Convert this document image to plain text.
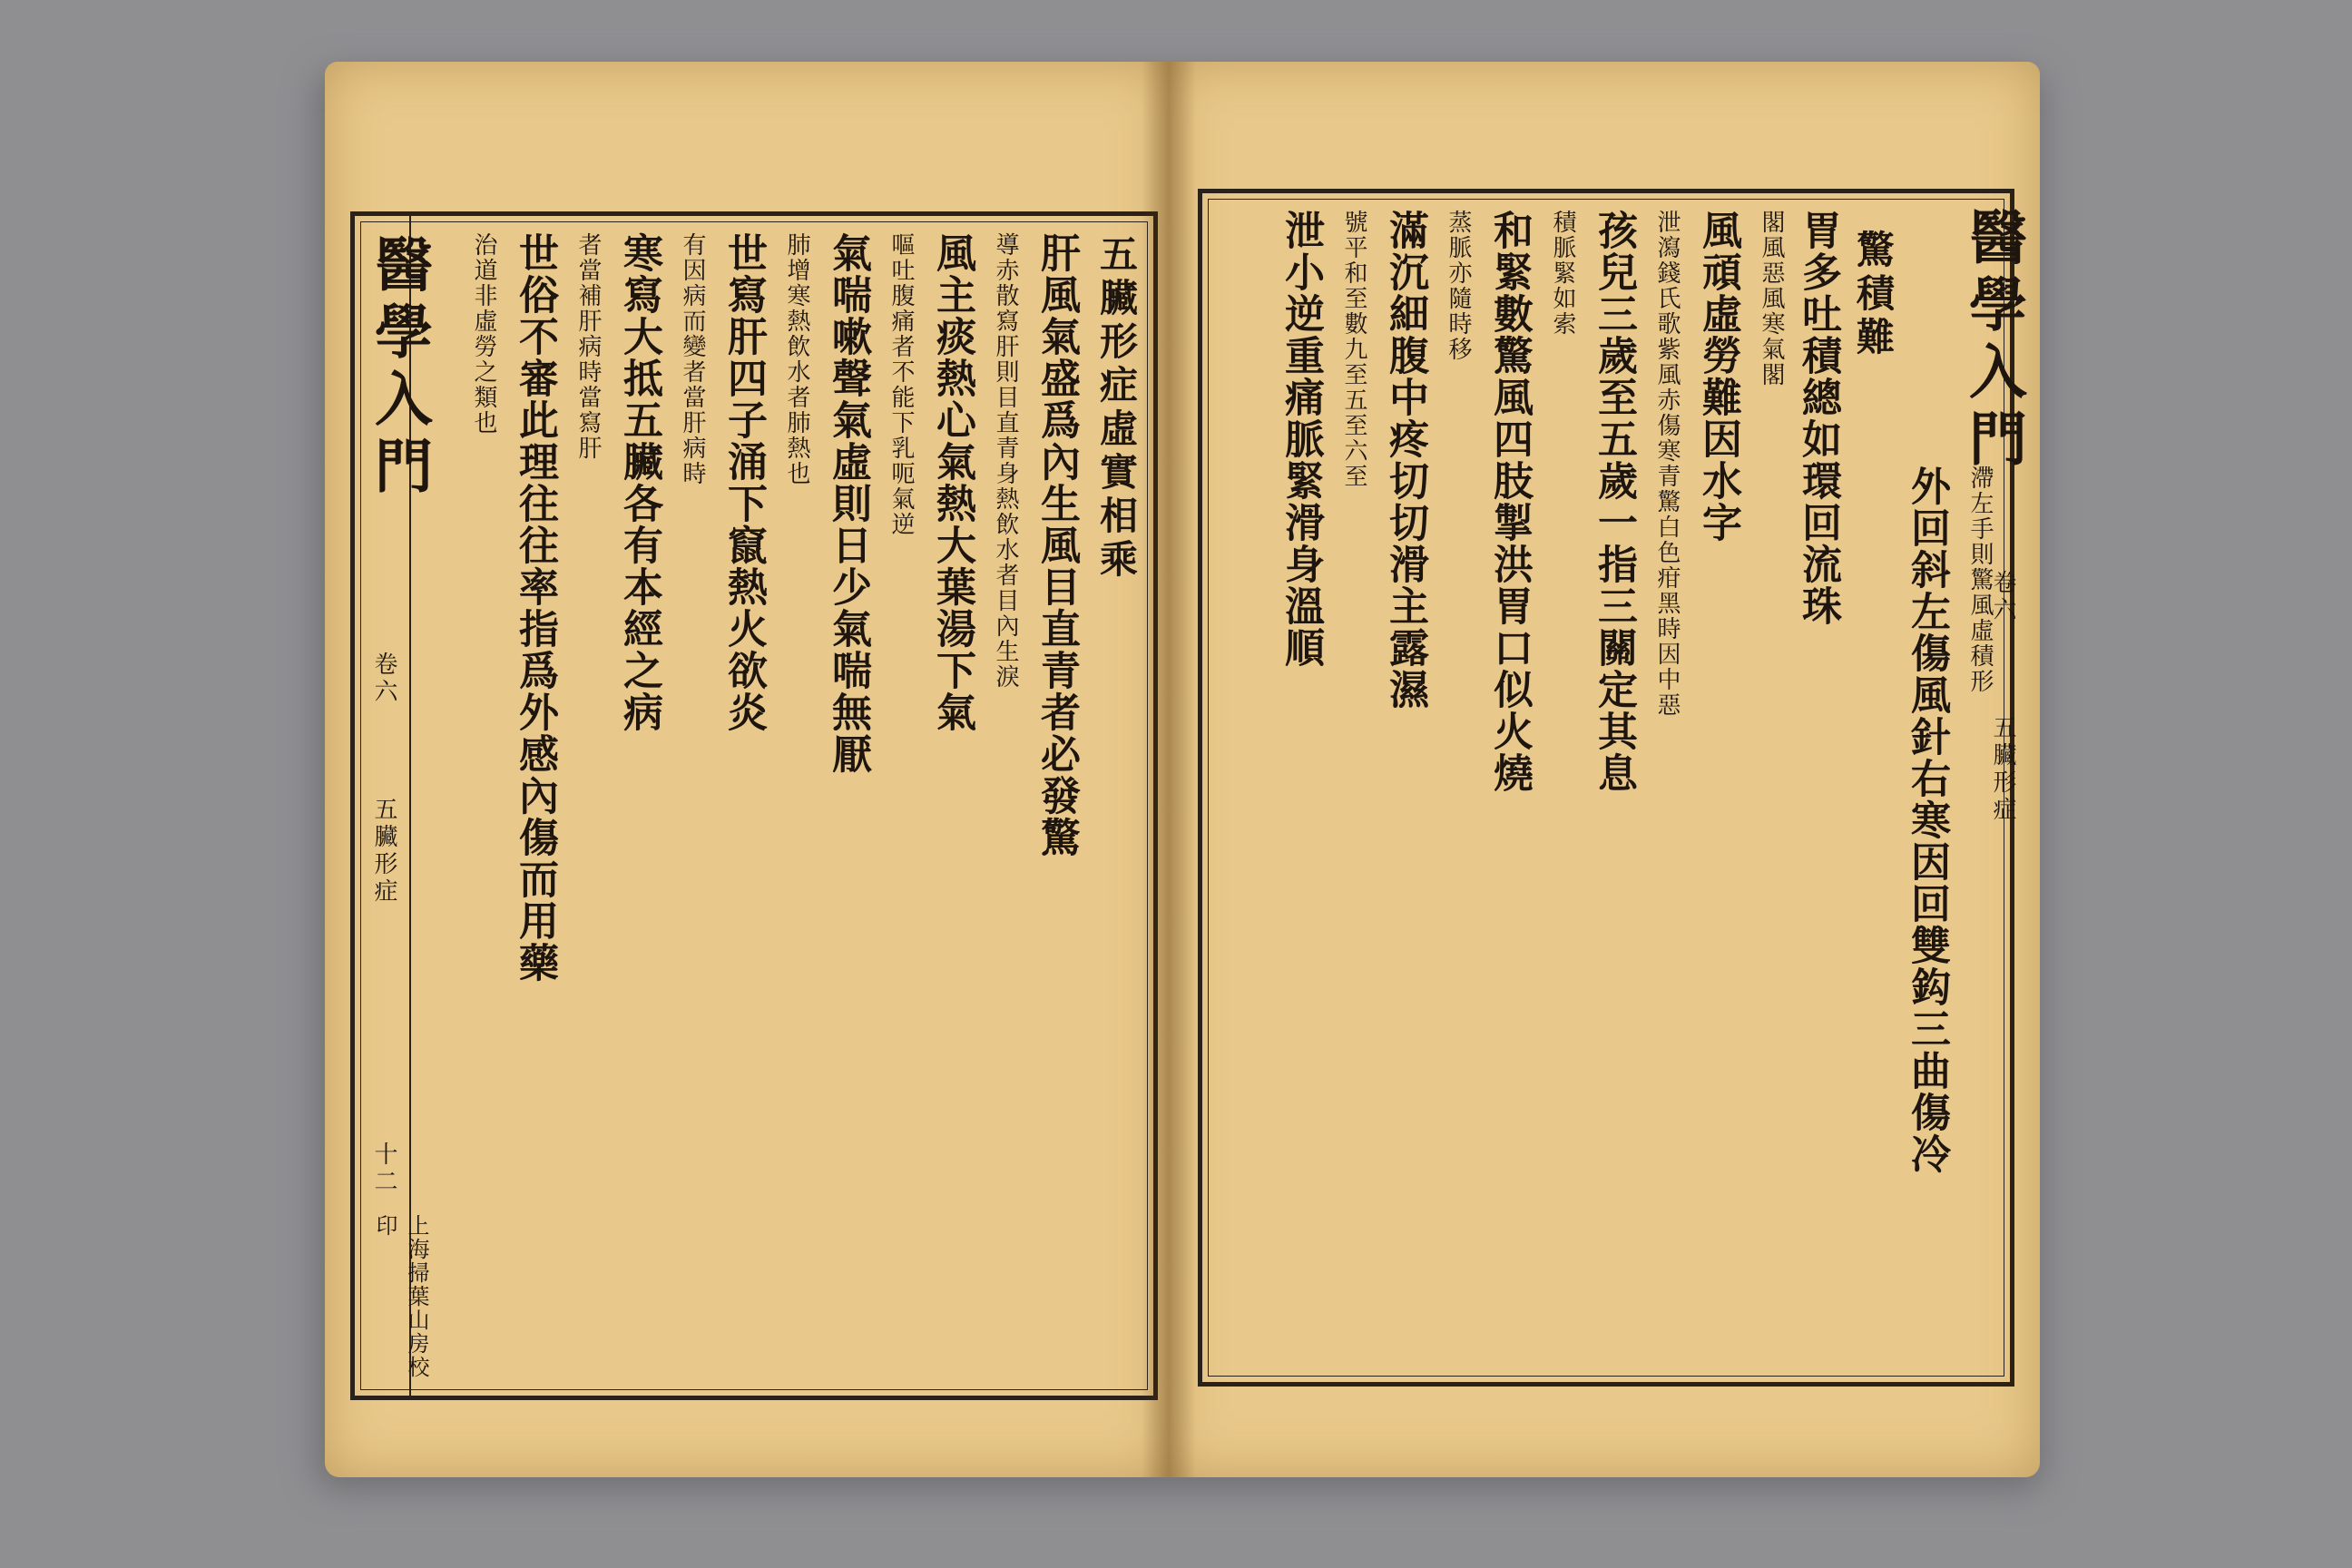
五臟形症虛實相乘
肝風氣盛爲內生風目直青者必發驚
導赤散寫肝則目直青身熱飲水者目內生淚
風主痰熱心氣熱大葉湯下氣
嘔吐腹痛者不能下乳呃氣逆
氣喘嗽聲氣虛則日少氣喘無厭
肺增寒熱飲水者肺熱也
世寫肝四子涌下竄熱火欲炎
有因病而變者當肝病時
寒寫大抵五臟各有本經之病
者當補肝病時當寫肝
世俗不審此理往往率指爲外感內傷而用藥
治道非虛勞之類也
醫學入門
卷六
五臟形症
十二
上海掃葉山房校印
驚積難
外回斜左傷風針右寒因回雙鈎三曲傷冷 滯左手則驚風虛積形
胃多吐積總如環回流珠
閣風惡風寒氣閣
風頑虛勞難因水字
泄瀉錢氏歌紫風赤傷寒青驚白色疳黑時因中惡
孩兒三歲至五歲一指三關定其息
積脈緊如索
和緊數驚風四肢掣洪胃口似火燒
蒸脈亦隨時移
滿沉細腹中疼切切滑主露濕
號平和至數九至五至六至
泄小逆重痛脈緊滑身溫順	醫學入門
卷六
五臟形症
